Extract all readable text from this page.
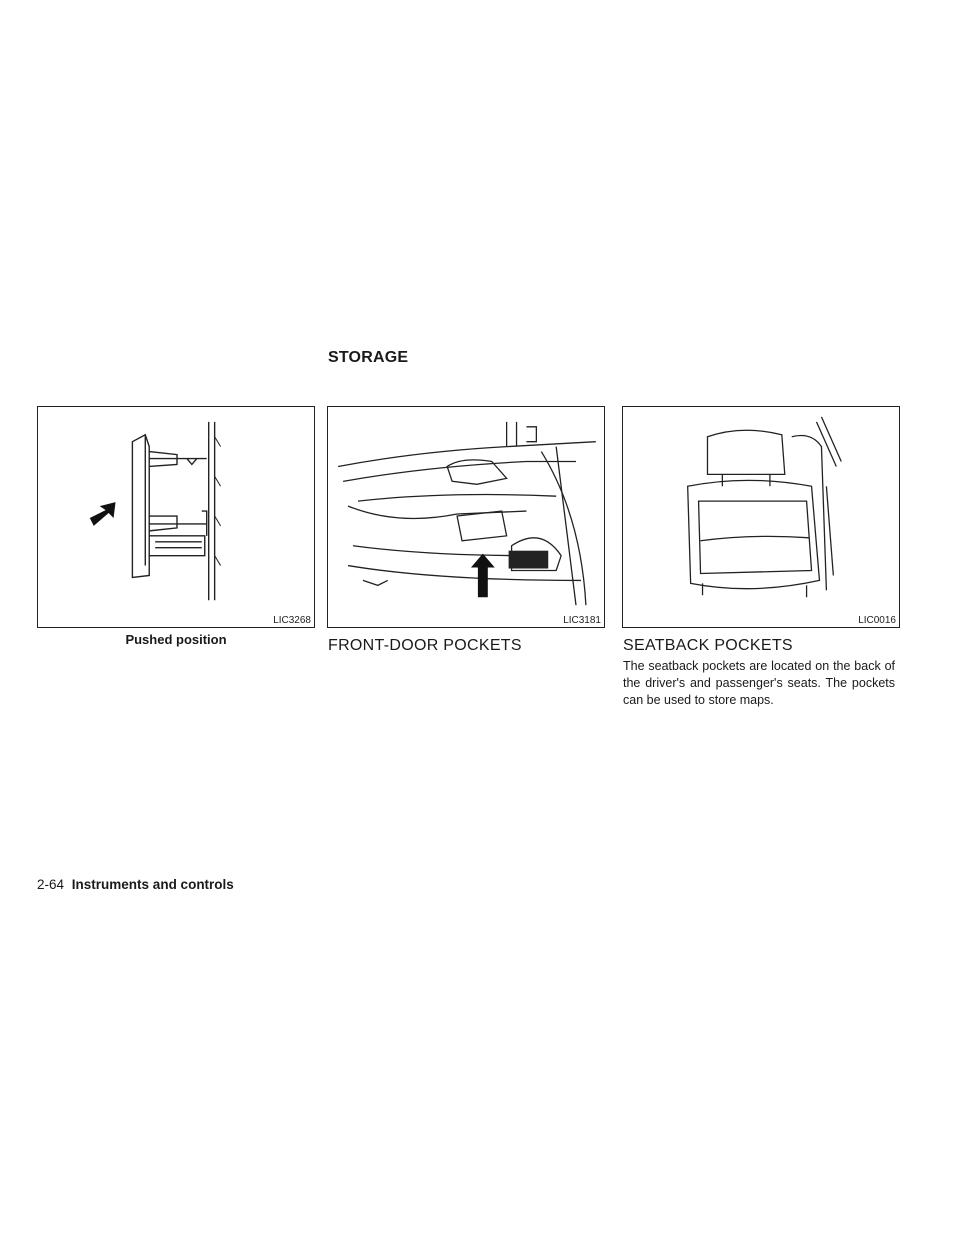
STORAGE
LIC3268	LIC3181	LIC0016
Pushed position	FRONT-DOOR POCKETS	SEATBACK POCKETS

The seatback pockets are located on the back of the driver's and passenger's seats. The pockets can be used to store maps.

2-64 Instruments and controls
